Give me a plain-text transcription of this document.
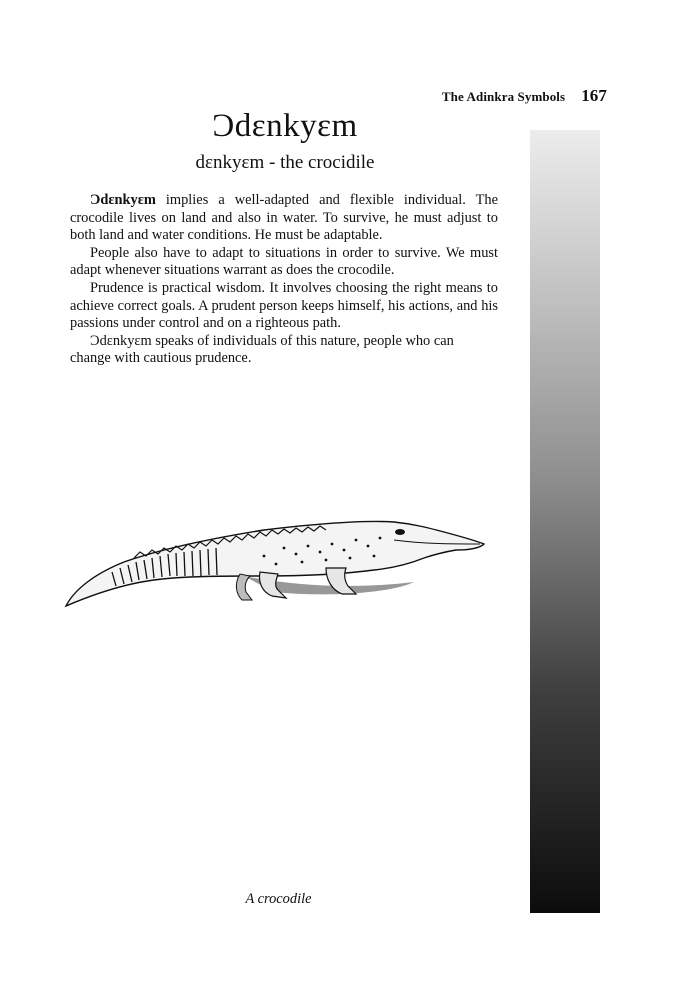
The Adinkra Symbols 167
Ɔdɛnkyɛm
dɛnkyɛm - the crocidile

Ɔdɛnkyɛm implies a well-adapted and flexible individual. The crocodile lives on land and also in water. To survive, he must adjust to both land and water conditions. He must be adaptable.

People also have to adapt to situations in order to survive. We must adapt whenever situations warrant as does the crocodile.

Prudence is practical wisdom. It involves choosing the right means to achieve correct goals. A prudent person keeps himself, his actions, and his passions under control and on a righteous path.

Ɔdɛnkyɛm speaks of individuals of this nature, people who can change with cautious prudence.

A crocodile
